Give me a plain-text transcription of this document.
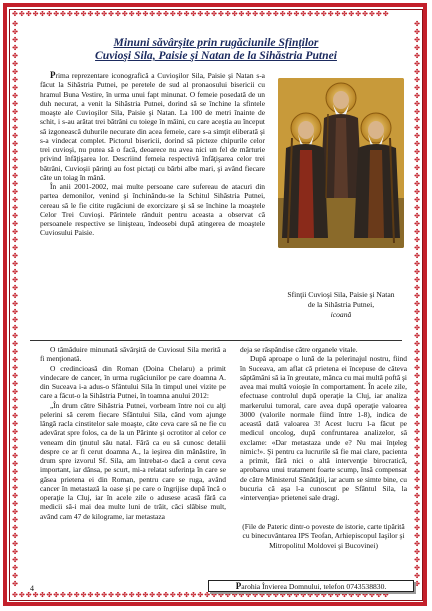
✤✤✤✤✤✤✤✤✤✤✤✤✤✤✤✤✤✤✤✤✤✤✤✤✤✤✤✤✤✤✤✤✤✤✤✤✤✤✤✤✤✤✤✤✤✤✤✤✤✤✤✤✤✤✤
✤✤✤✤✤✤✤✤✤✤✤✤✤✤✤✤✤✤✤✤✤✤✤✤✤✤✤✤✤✤✤✤✤✤✤✤✤✤✤✤✤✤✤✤✤✤✤✤✤✤✤✤✤✤✤
✤✤✤✤✤✤✤✤✤✤✤✤✤✤✤✤✤✤✤✤✤✤✤✤✤✤✤✤✤✤✤✤✤✤✤✤✤✤✤✤✤✤✤✤✤✤✤✤✤✤✤✤✤✤✤✤✤✤✤✤✤✤✤✤✤✤✤✤✤✤✤
✤✤✤✤✤✤✤✤✤✤✤✤✤✤✤✤✤✤✤✤✤✤✤✤✤✤✤✤✤✤✤✤✤✤✤✤✤✤✤✤✤✤✤✤✤✤✤✤✤✤✤✤✤✤✤✤✤✤✤✤✤✤✤✤✤✤✤✤✤✤✤
Minuni săvârşite prin rugăciunile Sfinţilor
Cuvioşi Sila, Paisie şi Natan de la Sihăstria Putnei

Prima reprezentare iconografică a Cuvioşilor Sila, Paisie şi Natan s-a făcut la Sihăstria Putnei, pe peretele de sud al pronaosului bisericii cu hramul Buna Vestire, în urma unui fapt minunat. O femeie posedată de un duh necurat, a venit la Sihăstria Putnei, dorind să se închine la sfintele moaşte ale Cuvioşilor Sila, Paisie şi Natan. La 100 de metri înainte de schit, i s-au arătat trei bătrâni cu toiege în mâini, cu care aceştia au început să izgonească duhurile necurate din acea femeie, care s-a simţit eliberată şi s-a vindecat complet. Pictorul bisericii, dorind să picteze chipurile celor trei cuvioşi, nu putea să o facă, deoarece nu avea nici un fel de mărturie privind înfăţişarea lor. Descriind femeia respectivă înfăţişarea celor trei bătrâni, Cuvioşii părinţi au fost pictaţi cu bărbi albe mari, şi având fiecare câte un toiag în mână.

În anii 2001-2002, mai multe persoane care sufereau de atacuri din partea demonilor, venind şi închinându-se la Schitul Sihăstria Putnei, cereau să le fie citite rugăciuni de exorcizare şi să se închine la moaştele Celor Trei Cuvioşi. Părintele rânduit pentru aceasta a observat că persoanele respective se linişteau, îndeosebi după atingerea de moaştele Cuviosului Paisie.

Sfinţii Cuvioşi Sila, Paisie şi Natan
de la Sihăstria Putnei,
icoană

O tămăduire minunată săvârşită de Cuviosul Sila merită a fi menţionată.

O credincioasă din Roman (Doina Chelaru) a primit vindecare de cancer, în urma rugăciunilor pe care doamna A. din Suceava i-a adus-o Sfântului Sila în timpul unei vizite pe care a făcut-o la Sihăstria Putnei, în toamna anului 2012:

„În drum către Sihăstria Putnei, vorbeam între noi cu alţi pelerini să cerem fiecare Sfântului Sila, când vom ajunge lângă racla cinstitelor sale moaşte, câte ceva care să ne fie cu adevărat spre folos, ca de la un Părinte şi ocrotitor al celor ce veneam din ţinutul său natal. Fără ca eu să cunosc detalii despre ce ar fi cerut doamna A., la ieşirea din mănăstire, în drum spre izvorul Sf. Sila, am întrebat-o dacă a cerut ceva important, iar dânsa, pe scurt, mi-a relatat suferinţa în care se găsea prietena ei din Roman, pentru care se ruga, având cancer în metastază la oase şi pe care o îngrijise după încă o operaţie la Cluj, iar în acele zile o adusese acasă fără ca medicii să-i mai dea multe luni de trăit, căci slăbise mult, având cam 47 de kilograme, iar metastaza

deja se răspândise către organele vitale.

După aproape o lună de la pelerinajul nostru, fiind în Suceava, am aflat că prietena ei începuse de câteva săptămâni să ia în greutate, mânca cu mai multă poftă şi avea mai multă voioşie în comportament. În acele zile, efectuase controlul după operaţie la Cluj, iar analiza markerului tumoral, care avea după operaţie valoarea 3000 (valorile normale fiind între 1-8), indica de această dată valoarea 3! Acest lucru l-a făcut pe medicul oncolog, după confruntarea analizelor, să exclame: «Dar metastaza unde e? Nu mai înţeleg nimic!». Şi pentru ca lucrurile să fie mai clare, pacienta a primit, fără nici o altă intervenţie birocratică, aprobarea unui tratament foarte scump, însă compensat de către Ministerul Sănătăţii, iar acum se simte bine, cu bucuria că aşa l-a cunoscut pe Sfântul Sila, la «intervenţia» prietenei sale dragi.

(File de Pateric dintr-o poveste de istorie, carte tipărită cu binecuvântarea IPS Teofan, Arhiepiscopul Iaşilor şi Mitropolitul Moldovei şi Bucovinei)
4	Parohia Învierea Domnului, telefon 0743538830.
